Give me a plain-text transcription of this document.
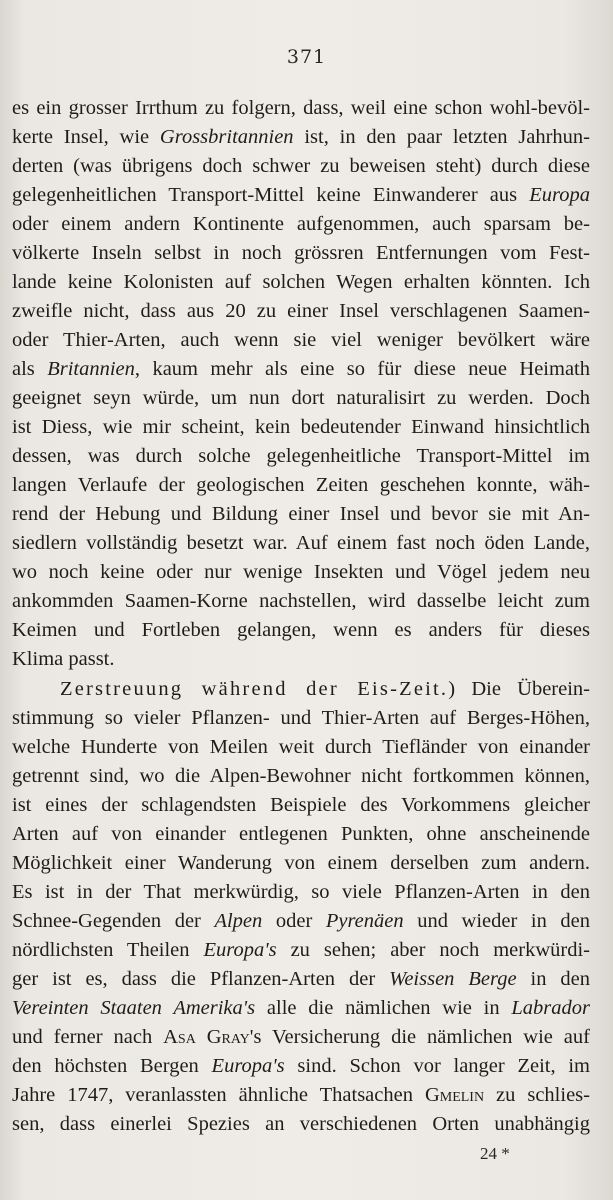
371
es ein grosser Irrthum zu folgern, dass, weil eine schon wohl-bevöl-
kerte Insel, wie Grossbritannien ist, in den paar letzten Jahrhun-
derten (was übrigens doch schwer zu beweisen steht) durch diese
gelegenheitlichen Transport-Mittel keine Einwanderer aus Europa
oder einem andern Kontinente aufgenommen, auch sparsam be-
völkerte Inseln selbst in noch grössren Entfernungen vom Fest-
lande keine Kolonisten auf solchen Wegen erhalten könnten. Ich
zweifle nicht, dass aus 20 zu einer Insel verschlagenen Saamen-
oder Thier-Arten, auch wenn sie viel weniger bevölkert wäre
als Britannien, kaum mehr als eine so für diese neue Heimath
geeignet seyn würde, um nun dort naturalisirt zu werden. Doch
ist Diess, wie mir scheint, kein bedeutender Einwand hinsichtlich
dessen, was durch solche gelegenheitliche Transport-Mittel im
langen Verlaufe der geologischen Zeiten geschehen konnte, wäh-
rend der Hebung und Bildung einer Insel und bevor sie mit An-
siedlern vollständig besetzt war. Auf einem fast noch öden Lande,
wo noch keine oder nur wenige Insekten und Vögel jedem neu
ankommden Saamen-Korne nachstellen, wird dasselbe leicht zum
Keimen und Fortleben gelangen, wenn es anders für dieses
Klima passt.
Zerstreuung während der Eis-Zeit.) Die Überein-
stimmung so vieler Pflanzen- und Thier-Arten auf Berges-Höhen,
welche Hunderte von Meilen weit durch Tiefländer von einander
getrennt sind, wo die Alpen-Bewohner nicht fortkommen können,
ist eines der schlagendsten Beispiele des Vorkommens gleicher
Arten auf von einander entlegenen Punkten, ohne anscheinende
Möglichkeit einer Wanderung von einem derselben zum andern.
Es ist in der That merkwürdig, so viele Pflanzen-Arten in den
Schnee-Gegenden der Alpen oder Pyrenäen und wieder in den
nördlichsten Theilen Europa's zu sehen; aber noch merkwürdi-
ger ist es, dass die Pflanzen-Arten der Weissen Berge in den
Vereinten Staaten Amerika's alle die nämlichen wie in Labrador
und ferner nach Asa Gray's Versicherung die nämlichen wie auf
den höchsten Bergen Europa's sind. Schon vor langer Zeit, im
Jahre 1747, veranlassten ähnliche Thatsachen Gmelin zu schlies-
sen, dass einerlei Spezies an verschiedenen Orten unabhängig
24 *
